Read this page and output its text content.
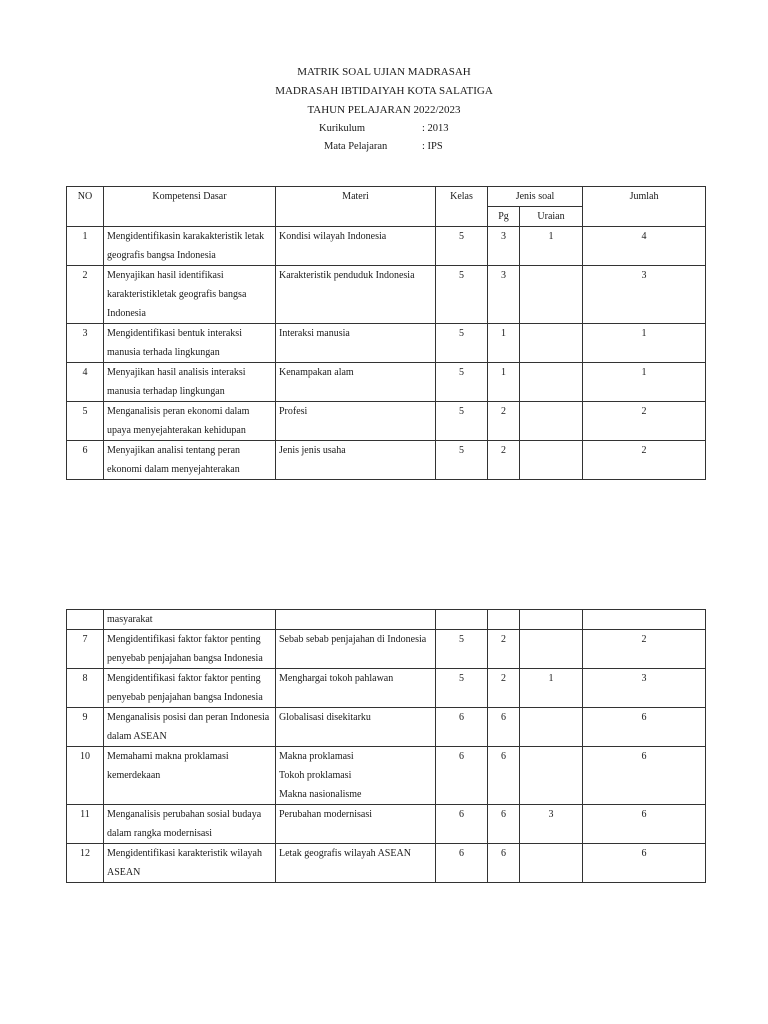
MATRIK SOAL UJIAN MADRASAH
MADRASAH IBTIDAIYAH KOTA SALATIGA
TAHUN PELAJARAN 2022/2023
Kurikulum	: 2013
Mata Pelajaran	: IPS
NO	Kompetensi Dasar	Materi	Kelas	Jenis soal		Jumlah
				Pg	Uraian	
1	Mengidentifikasin karakakteristik letak geografis bangsa Indonesia	Kondisi wilayah Indonesia	5	3	1	4
2	Menyajikan hasil identifikasi karakteristikletak geografis bangsa Indonesia	Karakteristik penduduk Indonesia	5	3		3
3	Mengidentifikasi bentuk interaksi manusia terhada lingkungan	Interaksi manusia	5	1		1
4	Menyajikan hasil analisis interaksi manusia terhadap lingkungan	Kenampakan alam	5	1		1
5	Menganalisis peran ekonomi dalam upaya menyejahterakan kehidupan	Profesi	5	2		2
6	Menyajikan analisi tentang peran ekonomi dalam menyejahterakan	Jenis jenis usaha	5	2		2
	masyarakat					
7	Mengidentifikasi faktor faktor penting penyebab penjajahan bangsa Indonesia	Sebab sebab penjajahan di Indonesia	5	2		2
8	Mengidentifikasi faktor faktor penting penyebab penjajahan bangsa Indonesia	Menghargai tokoh pahlawan	5	2	1	3
9	Menganalisis posisi dan peran Indonesia dalam ASEAN	Globalisasi disekitarku	6	6		6
10	Memahami makna proklamasi kemerdekaan	Makna proklamasi
Tokoh proklamasi
Makna nasionalisme	6	6		6
11	Menganalisis perubahan sosial budaya dalam rangka modernisasi	Perubahan modernisasi	6	6	3	6
12	Mengidentifikasi karakteristik wilayah ASEAN	Letak geografis wilayah ASEAN	6	6		6
